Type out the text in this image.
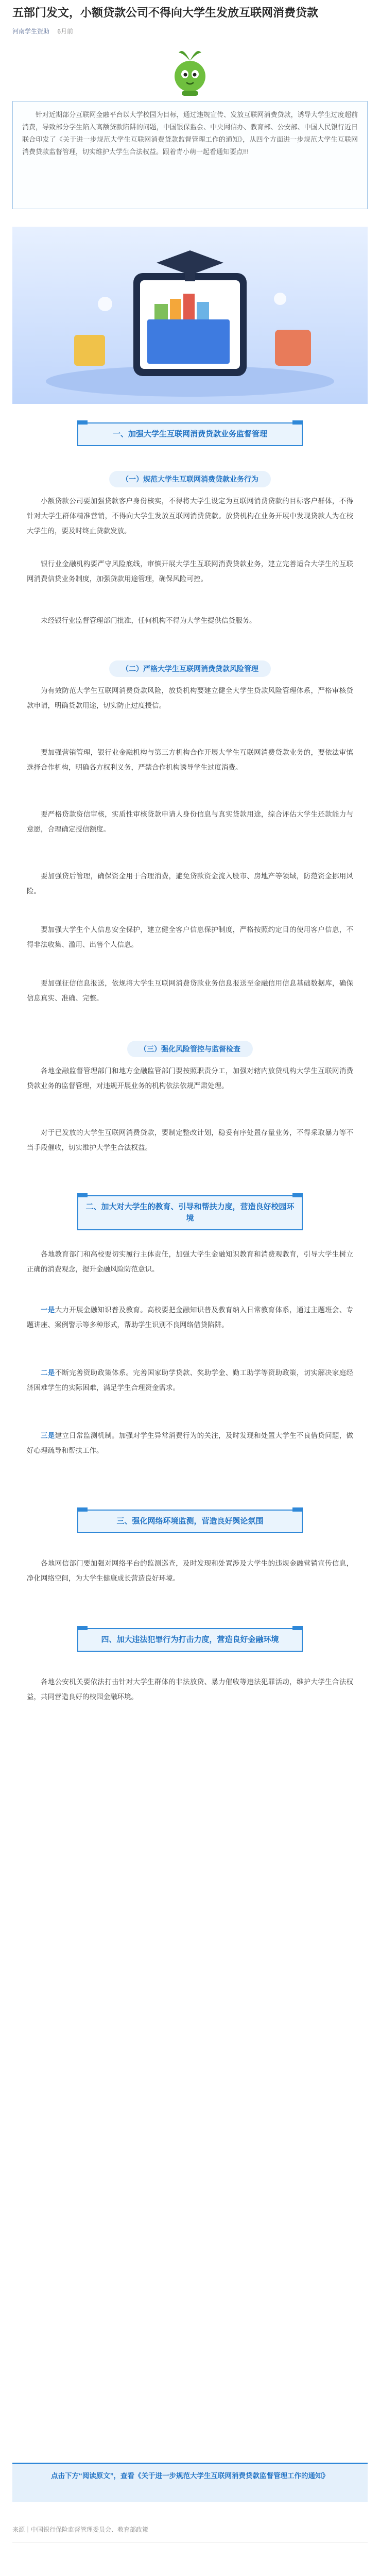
五部门发文，小额贷款公司不得向大学生发放互联网消费贷款
河南学生资助 6月前
针对近期部分互联网金融平台以大学校园为目标，通过违规宣传、发放互联网消费贷款，诱导大学生过度超前消费，导致部分学生陷入高额贷款陷阱的问题，中国银保监会、中央网信办、教育部、公安部、中国人民银行近日联合印发了《关于进一步规范大学生互联网消费贷款监督管理工作的通知》，从四个方面进一步规范大学生互联网消费贷款监督管理，切实维护大学生合法权益。跟着青小萌一起看通知要点!!!
一、加强大学生互联网消费贷款业务监督管理
（一）规范大学生互联网消费贷款业务行为
小额贷款公司要加强贷款客户身份核实，不得将大学生设定为互联网消费贷款的目标客户群体，不得针对大学生群体精准营销，不得向大学生发放互联网消费贷款。放贷机构在业务开展中发现贷款人为在校大学生的，要及时终止贷款发放。
银行业金融机构要严守风险底线，审慎开展大学生互联网消费贷款业务，建立完善适合大学生的互联网消费信贷业务制度，加强贷款用途管理，确保风险可控。
未经银行业监督管理部门批准，任何机构不得为大学生提供信贷服务。
（二）严格大学生互联网消费贷款风险管理
为有效防范大学生互联网消费贷款风险，放贷机构要建立健全大学生贷款风险管理体系，严格审核贷款申请，明确贷款用途，切实防止过度授信。
要加强营销管理，银行业金融机构与第三方机构合作开展大学生互联网消费贷款业务的，要依法审慎选择合作机构，明确各方权利义务，严禁合作机构诱导学生过度消费。
要严格贷款资信审核，实质性审核贷款申请人身份信息与真实贷款用途，综合评估大学生还款能力与意愿，合理确定授信额度。
要加强贷后管理，确保资金用于合理消费，避免贷款资金流入股市、房地产等领域，防范资金挪用风险。
要加强大学生个人信息安全保护，建立健全客户信息保护制度，严格按照约定目的使用客户信息，不得非法收集、滥用、出售个人信息。
要加强征信信息报送，依规将大学生互联网消费贷款业务信息报送至金融信用信息基础数据库，确保信息真实、准确、完整。
（三）强化风险管控与监督检查
各地金融监督管理部门和地方金融监管部门要按照职责分工，加强对辖内放贷机构大学生互联网消费贷款业务的监督管理，对违规开展业务的机构依法依规严肃处理。
对于已发放的大学生互联网消费贷款，要制定整改计划，稳妥有序处置存量业务，不得采取暴力等不当手段催收，切实维护大学生合法权益。
二、加大对大学生的教育、引导和帮扶力度，营造良好校园环境
各地教育部门和高校要切实履行主体责任，加强大学生金融知识教育和消费观教育，引导大学生树立正确的消费观念，提升金融风险防范意识。
一是大力开展金融知识普及教育。高校要把金融知识普及教育纳入日常教育体系，通过主题班会、专题讲座、案例警示等多种形式，帮助学生识别不良网络借贷陷阱。
二是不断完善资助政策体系。完善国家助学贷款、奖助学金、勤工助学等资助政策，切实解决家庭经济困难学生的实际困难，满足学生合理资金需求。
三是建立日常监测机制。加强对学生异常消费行为的关注，及时发现和处置大学生不良借贷问题，做好心理疏导和帮扶工作。
三、强化网络环境监测，营造良好舆论氛围
各地网信部门要加强对网络平台的监测巡查，及时发现和处置涉及大学生的违规金融营销宣传信息，净化网络空间，为大学生健康成长营造良好环境。
四、加大违法犯罪行为打击力度，营造良好金融环境
各地公安机关要依法打击针对大学生群体的非法放贷、暴力催收等违法犯罪活动，维护大学生合法权益，共同营造良好的校园金融环境。
点击下方“阅读原文”，查看《关于进一步规范大学生互联网消费贷款监督管理工作的通知》
来源｜中国银行保险监督管理委员会、教育部政策
